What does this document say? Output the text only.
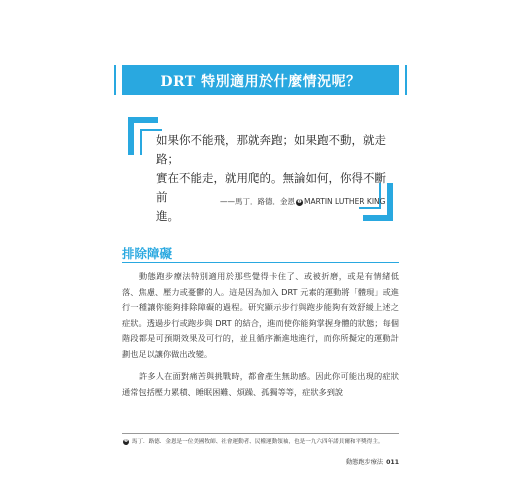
DRT 特別適用於什麼情況呢？

如果你不能飛，那就奔跑；如果跑不動，就走路；

實在不能走，就用爬的。無論如何，你得不斷前

進。

——馬丁．路德．金恩 ❷ MARTIN LUTHER KING
排除障礙

動態跑步療法特別適用於那些覺得卡住了、或被折磨，或是有情緒低落、焦慮、壓力或憂鬱的人。這是因為加入 DRT 元素的運動將「體現」或進行一種讓你能夠排除障礙的過程。研究顯示步行與跑步能夠有效舒緩上述之症狀。透過步行或跑步與 DRT 的結合，進而使你能夠掌握身體的狀態；每個階段都是可預期效果及可行的，並且循序漸進地進行，而你所擬定的運動計劃也足以讓你做出改變。

許多人在面對痛苦與挑戰時，都會產生無助感。因此你可能出現的症狀通常包括壓力累積、睡眠困難、煩躁、孤獨等等，症狀多到說

❷ 馬丁．路德．金恩是一位美國牧師、社會運動者、民權運動領袖，也是一九六四年諾貝爾和平獎得主。
動態跑步療法 011
